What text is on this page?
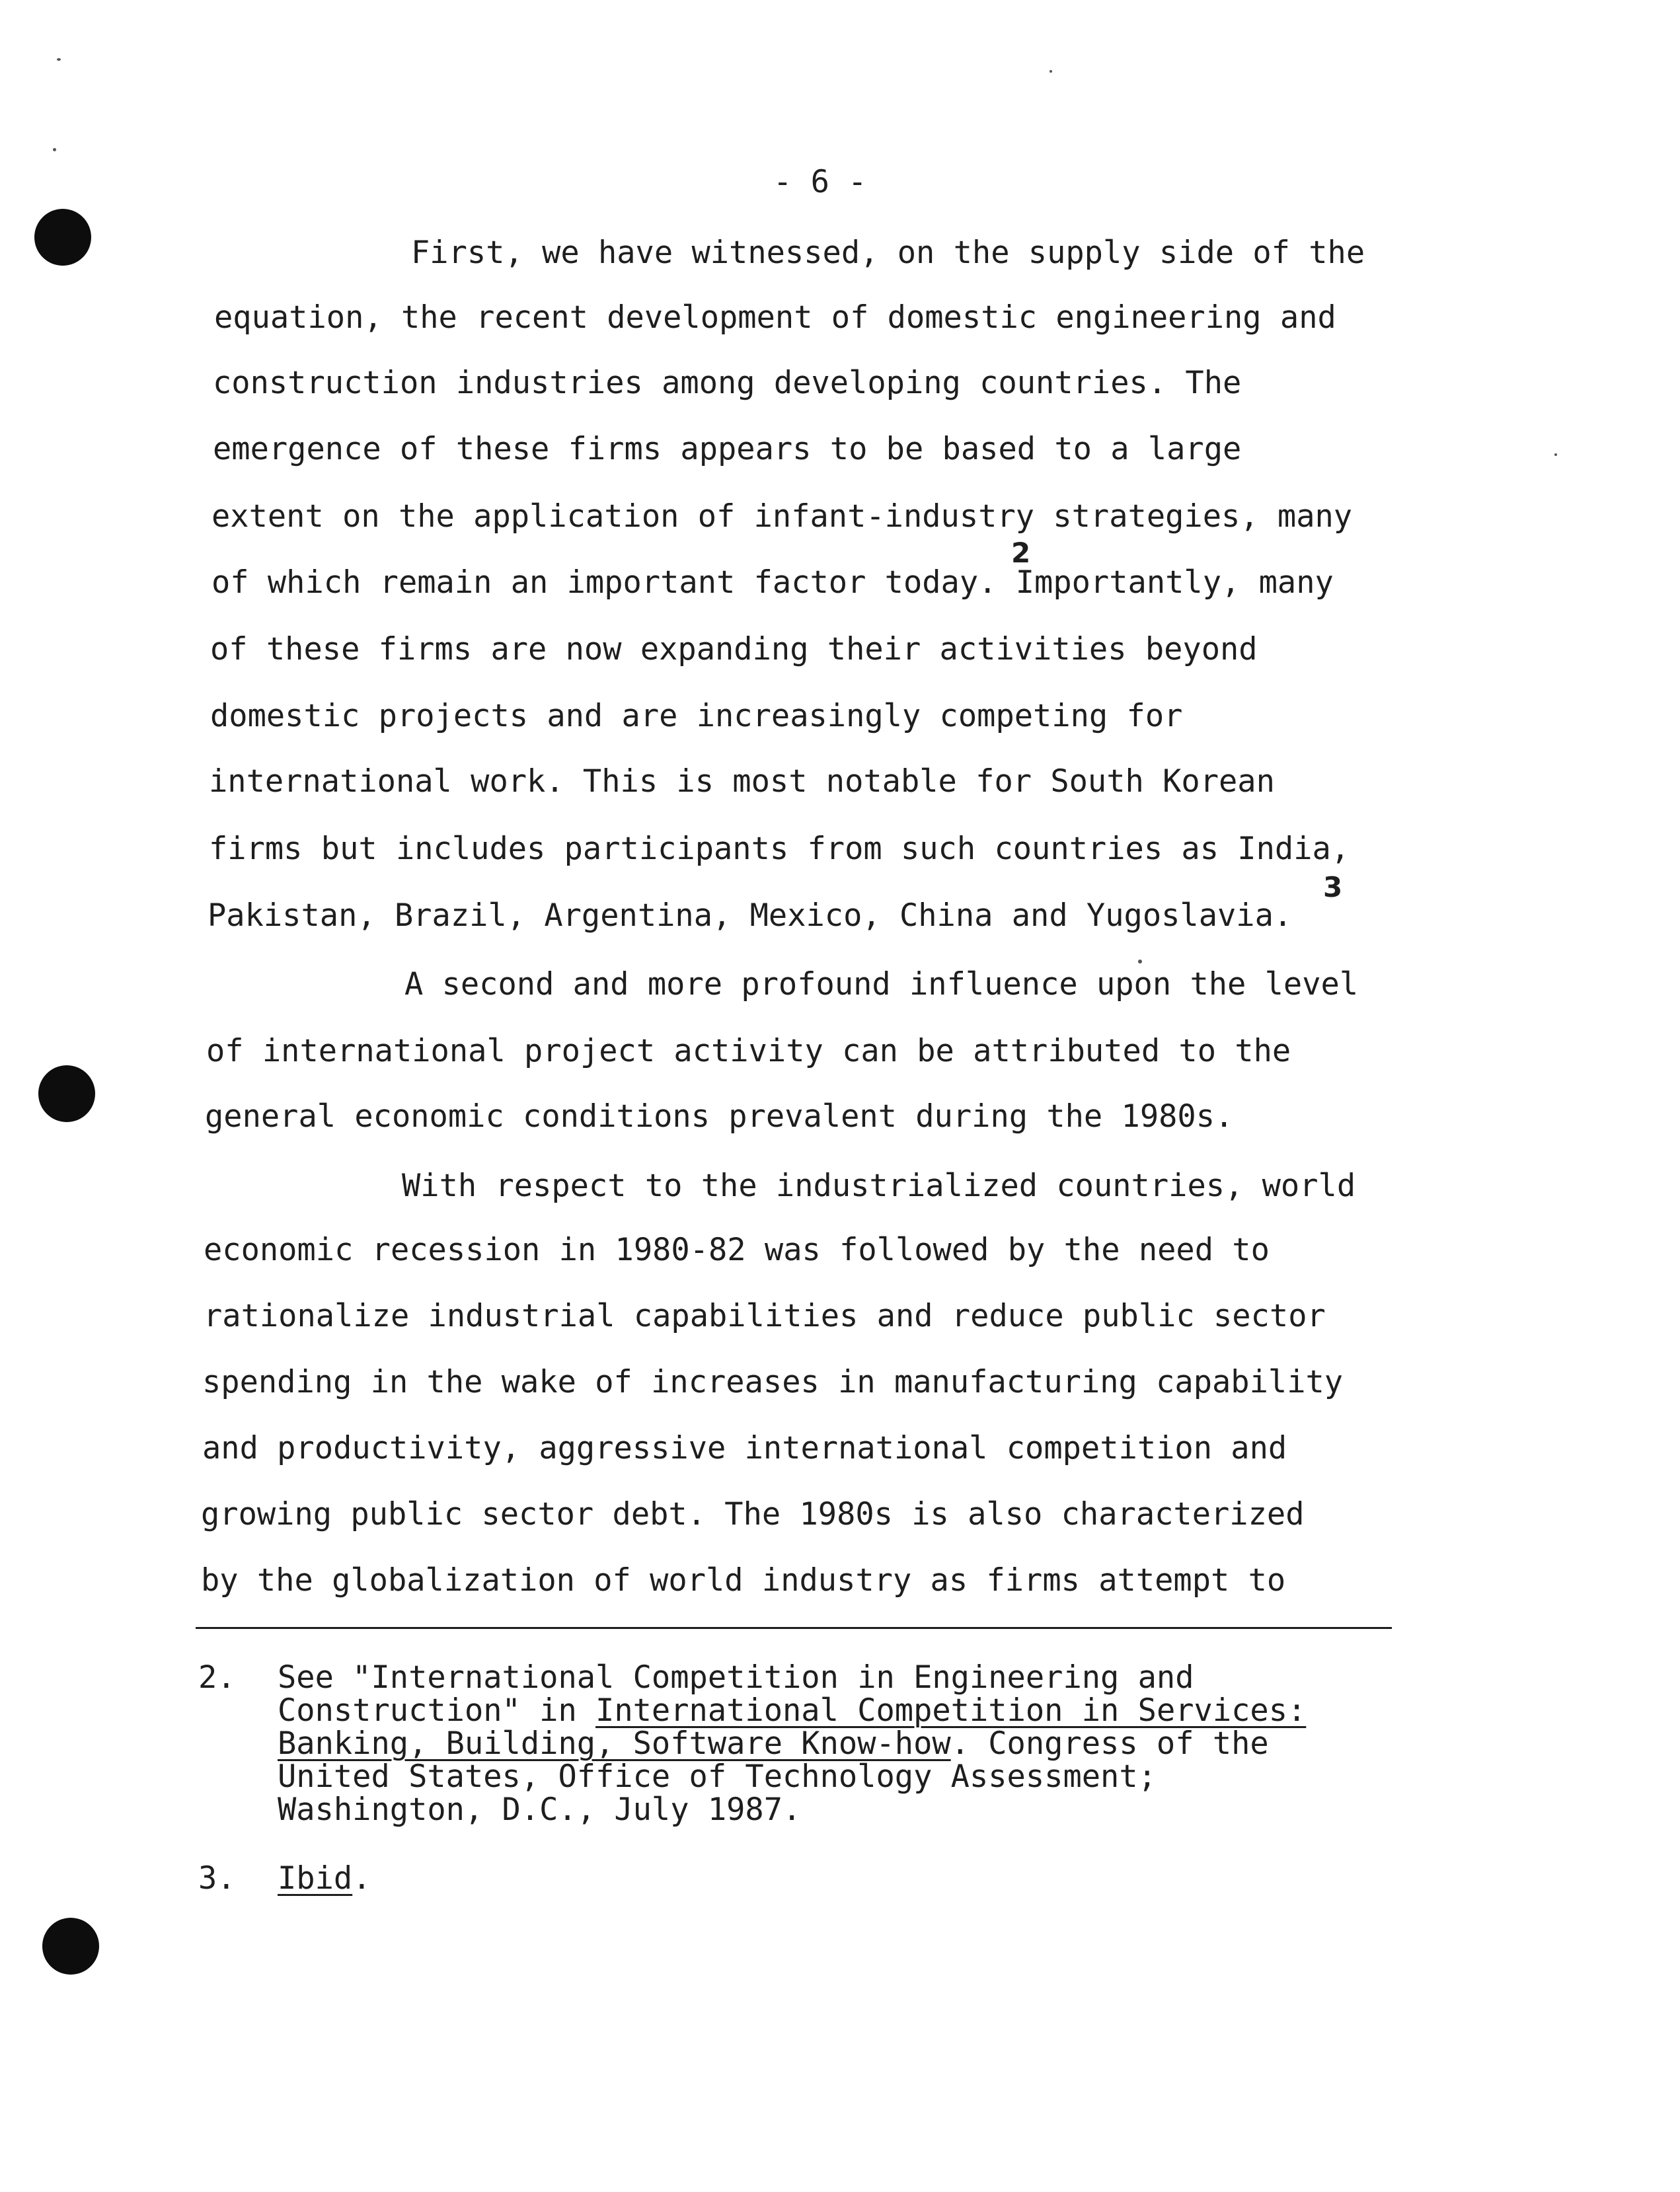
- 6 -
First, we have witnessed, on the supply side of the
equation, the recent development of domestic engineering and
construction industries among developing countries. The
emergence of these firms appears to be based to a large
extent on the application of infant-industry strategies, many
of which remain an important factor today. Importantly, many
of these firms are now expanding their activities beyond
domestic projects and are increasingly competing for
international work. This is most notable for South Korean
firms but includes participants from such countries as India,
Pakistan, Brazil, Argentina, Mexico, China and Yugoslavia.
2
3
A second and more profound influence upon the level
of international project activity can be attributed to the
general economic conditions prevalent during the 1980s.
With respect to the industrialized countries, world
economic recession in 1980-82 was followed by the need to
rationalize industrial capabilities and reduce public sector
spending in the wake of increases in manufacturing capability
and productivity, aggressive international competition and
growing public sector debt. The 1980s is also characterized
by the globalization of world industry as firms attempt to
2. See "International Competition in Engineering and
Construction" in International Competition in Services:
Banking, Building, Software Know-how. Congress of the
United States, Office of Technology Assessment;
Washington, D.C., July 1987.
3. Ibid.
